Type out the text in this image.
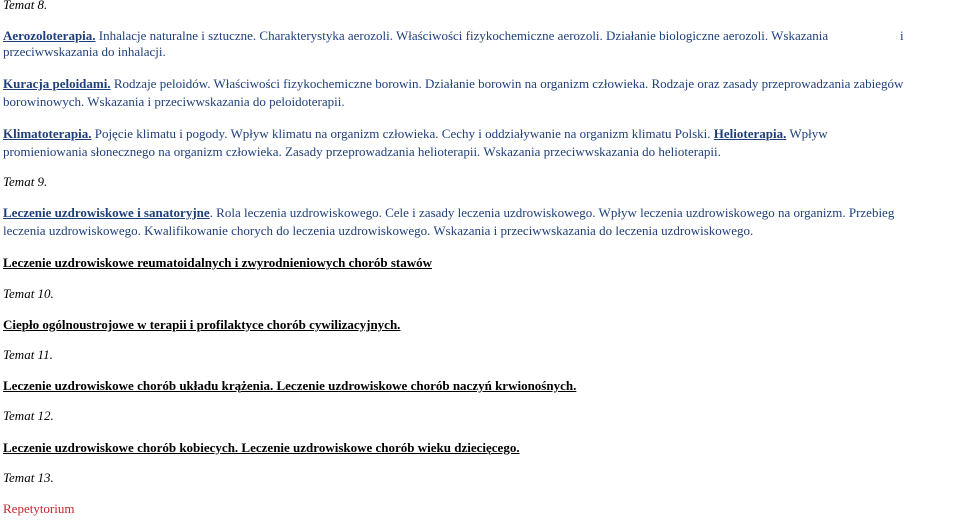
Temat 8.
Aerozoloterapia. Inhalacje naturalne i sztuczne. Charakterystyka aerozoli. Właściwości fizykochemiczne aerozoli. Działanie biologiczne aerozoli. Wskazania	i
przeciwwskazania do inhalacji.
Kuracja peloidami. Rodzaje peloidów. Właściwości fizykochemiczne borowin. Działanie borowin na organizm człowieka. Rodzaje oraz zasady przeprowadzania zabiegów
borowinowych. Wskazania i przeciwwskazania do peloidoterapii.
Klimatoterapia. Pojęcie klimatu i pogody. Wpływ klimatu na organizm człowieka. Cechy i oddziaływanie na organizm klimatu Polski. Helioterapia. Wpływ
promieniowania słonecznego na organizm człowieka. Zasady przeprowadzania helioterapii. Wskazania przeciwwskazania do helioterapii.
Temat 9.
Leczenie uzdrowiskowe i sanatoryjne. Rola leczenia uzdrowiskowego. Cele i zasady leczenia uzdrowiskowego. Wpływ leczenia uzdrowiskowego na organizm. Przebieg
leczenia uzdrowiskowego. Kwalifikowanie chorych do leczenia uzdrowiskowego. Wskazania i przeciwwskazania do leczenia uzdrowiskowego.
Leczenie uzdrowiskowe reumatoidalnych i zwyrodnieniowych chorób stawów
Temat 10.
Ciepło ogólnoustrojowe w terapii i profilaktyce chorób cywilizacyjnych.
Temat 11.
Leczenie uzdrowiskowe chorób układu krążenia. Leczenie uzdrowiskowe chorób naczyń krwionośnych.
Temat 12.
Leczenie uzdrowiskowe chorób kobiecych. Leczenie uzdrowiskowe chorób wieku dziecięcego.
Temat 13.
Repetytorium
